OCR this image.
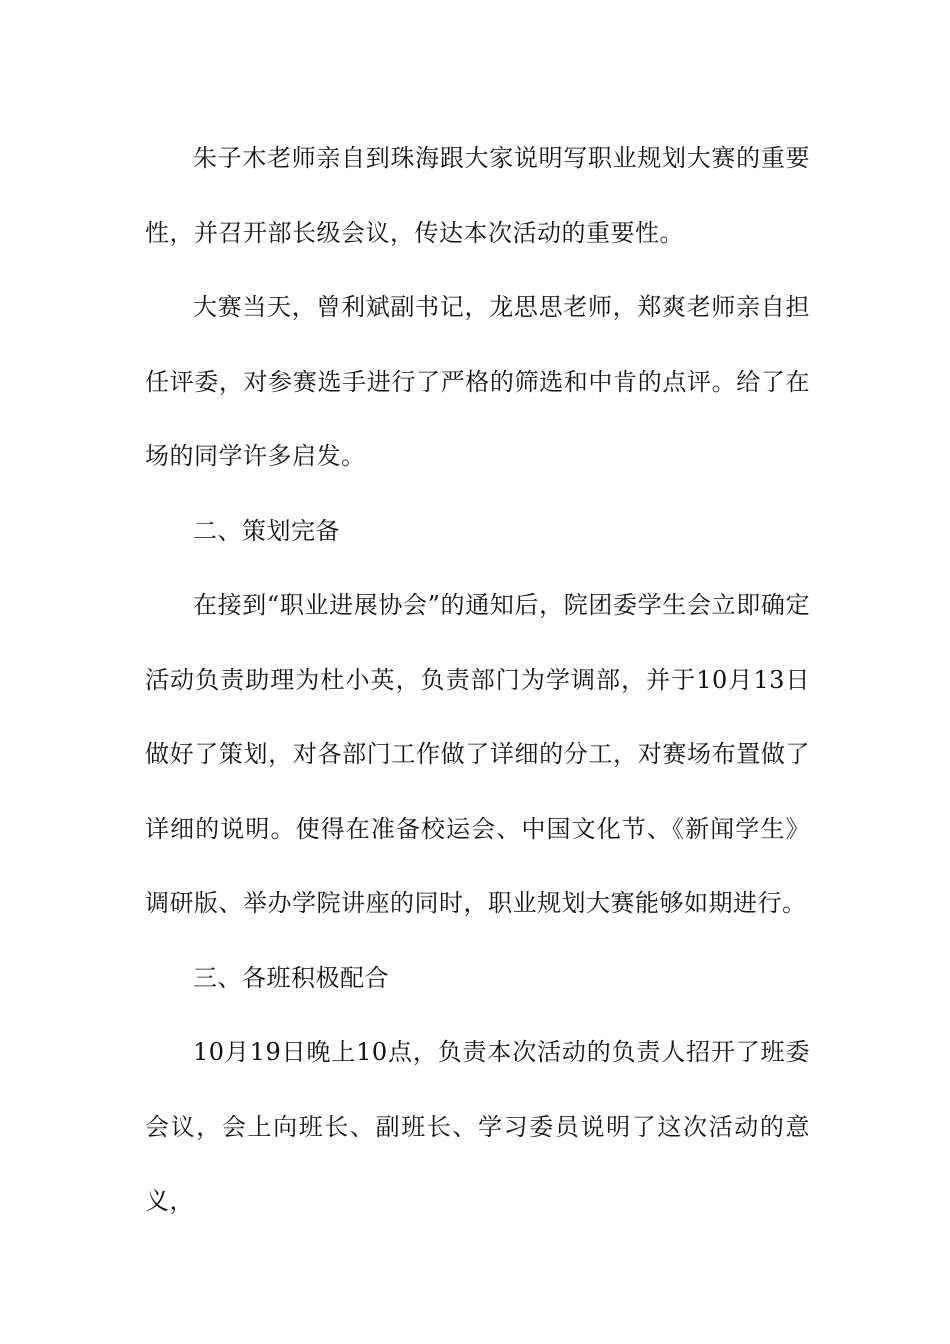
朱子木老师亲自到珠海跟大家说明写职业规划大赛的重要性，并召开部长级会议，传达本次活动的重要性。

大赛当天，曾利斌副书记，龙思思老师，郑爽老师亲自担任评委，对参赛选手进行了严格的筛选和中肯的点评。给了在场的同学许多启发。

二、策划完备

在接到“职业进展协会”的通知后，院团委学生会立即确定活动负责助理为杜小英，负责部门为学调部，并于10月13日做好了策划，对各部门工作做了详细的分工，对赛场布置做了详细的说明。使得在准备校运会、中国文化节、《新闻学生》调研版、举办学院讲座的同时，职业规划大赛能够如期进行。

三、各班积极配合

10月19日晚上10点，负责本次活动的负责人招开了班委会议，会上向班长、副班长、学习委员说明了这次活动的意义，
